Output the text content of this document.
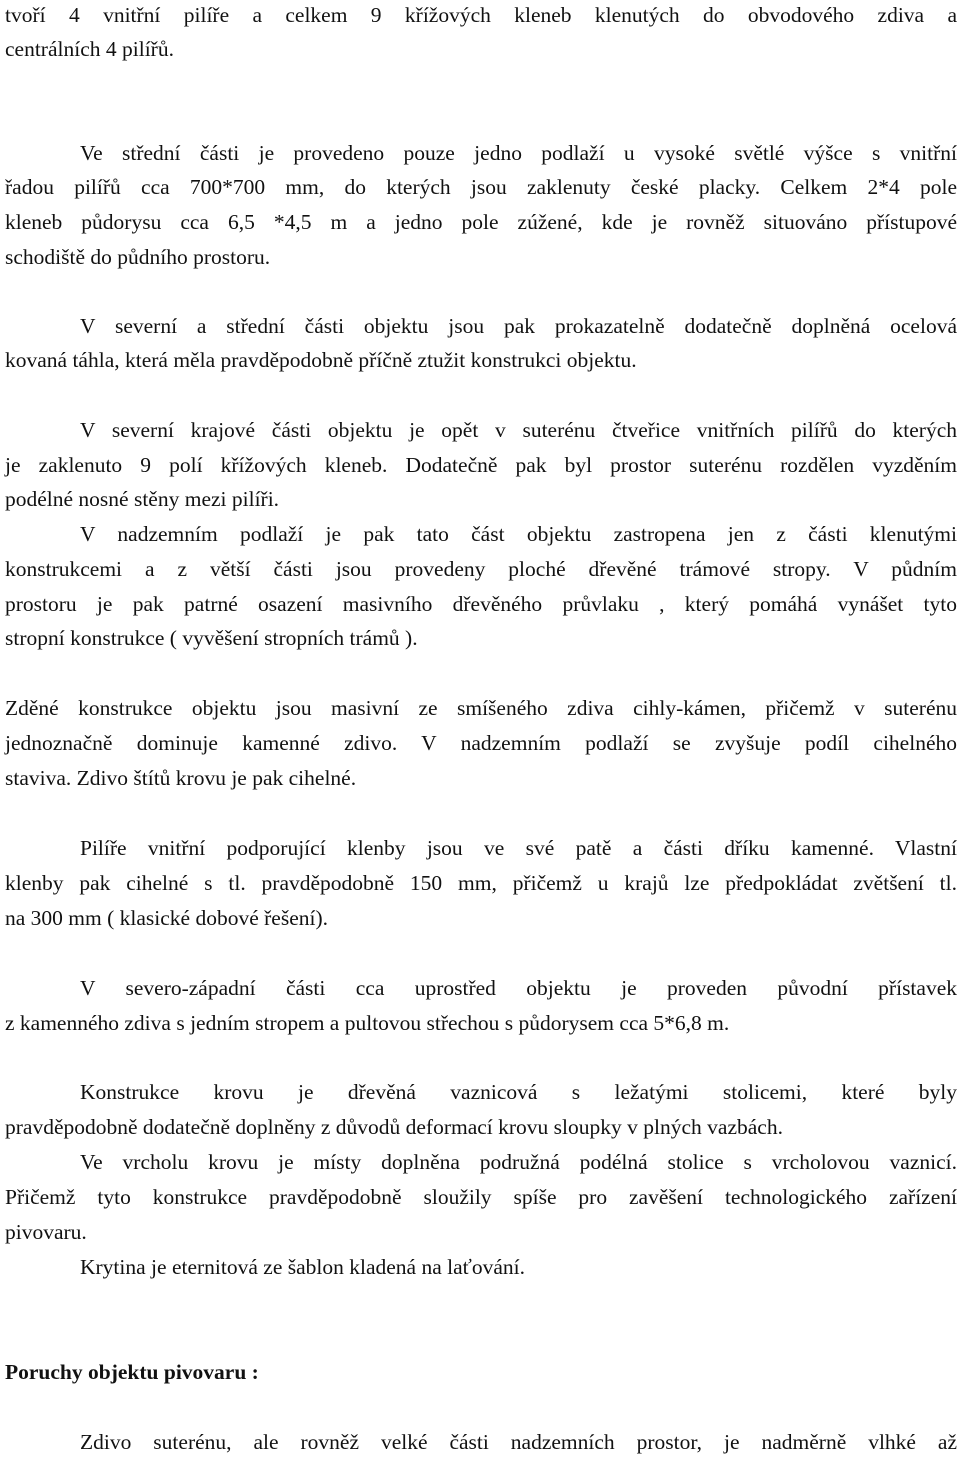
tvoří 4 vnitřní pilíře a celkem 9 křížových kleneb klenutých do obvodového zdiva a
centrálních 4 pilířů.
Ve střední části je provedeno pouze jedno podlaží u vysoké světlé výšce s vnitřní
řadou pilířů cca 700*700 mm, do kterých jsou zaklenuty české placky. Celkem 2*4 pole
kleneb půdorysu cca 6,5 *4,5 m a jedno pole zúžené, kde je rovněž situováno přístupové
schodiště do půdního prostoru.
V severní a střední části objektu jsou pak prokazatelně dodatečně doplněná ocelová
kovaná táhla, která měla pravděpodobně příčně ztužit konstrukci objektu.
V severní krajové části objektu je opět v suterénu čtveřice vnitřních pilířů do kterých
je zaklenuto 9 polí křížových kleneb. Dodatečně pak byl prostor suterénu rozdělen vyzděním
podélné nosné stěny mezi pilíři.
V nadzemním podlaží je pak tato část objektu zastropena jen z části klenutými
konstrukcemi a z větší části jsou provedeny ploché dřevěné trámové stropy. V půdním
prostoru je pak patrné osazení masivního dřevěného průvlaku , který pomáhá vynášet tyto
stropní konstrukce ( vyvěšení stropních trámů ).
Zděné konstrukce objektu jsou masivní ze smíšeného zdiva cihly-kámen, přičemž v suterénu
jednoznačně dominuje kamenné zdivo. V nadzemním podlaží se zvyšuje podíl cihelného
staviva. Zdivo štítů krovu je pak cihelné.
Pilíře vnitřní podporující klenby jsou ve své patě a části dříku kamenné. Vlastní
klenby pak cihelné s tl. pravděpodobně 150 mm, přičemž u krajů lze předpokládat zvětšení tl.
na 300 mm ( klasické dobové řešení).
V severo-západní části cca uprostřed objektu je proveden původní přístavek
z kamenného zdiva s jedním stropem a pultovou střechou s půdorysem cca 5*6,8 m.
Konstrukce krovu je dřevěná vaznicová s ležatými stolicemi, které byly
pravděpodobně dodatečně doplněny z důvodů deformací krovu sloupky v plných vazbách.
Ve vrcholu krovu je místy doplněna podružná podélná stolice s vrcholovou vaznicí.
Přičemž tyto konstrukce pravděpodobně sloužily spíše pro zavěšení technologického zařízení
pivovaru.
Krytina je eternitová ze šablon kladená na laťování.
Poruchy objektu pivovaru :
Zdivo suterénu, ale rovněž velké části nadzemních prostor, je nadměrně vlhké až
